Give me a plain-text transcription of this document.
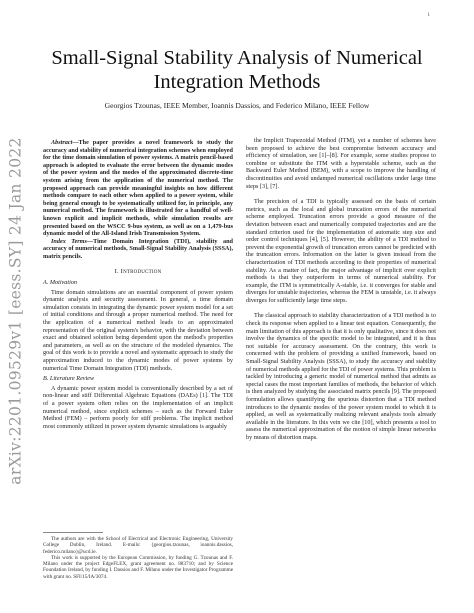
1
arXiv:2201.09529v1 [eess.SY] 24 Jan 2022
Small-Signal Stability Analysis of Numerical Integration Methods
Georgios Tzounas, IEEE Member, Ioannis Dassios, and Federico Milano, IEEE Fellow

Abstract—The paper provides a novel framework to study the accuracy and stability of numerical integration schemes when employed for the time domain simulation of power systems. A matrix pencil-based approach is adopted to evaluate the error between the dynamic modes of the power system and the modes of the approximated discrete-time system arising from the application of the numerical method. The proposed approach can provide meaningful insights on how different methods compare to each other when applied to a power system, while being general enough to be systematically utilized for, in principle, any numerical method. The framework is illustrated for a handful of well-known explicit and implicit methods, while simulation results are presented based on the WSCC 9-bus system, as well as on a 1,479-bus dynamic model of the All-Island Irish Transmission System.

Index Terms—Time Domain Integration (TDI), stability and accuracy of numerical methods, Small-Signal Stability Analysis (SSSA), matrix pencils.

I. Introduction
A. Motivation

Time domain simulations are an essential component of power system dynamic analysis and security assessment. In general, a time domain simulation consists in integrating the dynamic power system model for a set of initial conditions and through a proper numerical method. The need for the application of a numerical method leads to an approximated representation of the original system's behavior, with the deviation between exact and obtained solution being dependent upon the method's properties and parameters, as well as on the structure of the modeled dynamics. The goal of this work is to provide a novel and systematic approach to study the approximation induced to the dynamic modes of power systems by numerical Time Domain Integration (TDI) methods.

B. Literature Review

A dynamic power system model is conventionally described by a set of non-linear and stiff Differential Algebraic Equations (DAEs) [1]. The TDI of a power system often relies on the implementation of an implicit numerical method, since explicit schemes – such as the Forward Euler Method (FEM) – perform poorly for stiff problems. The implicit method most commonly utilized in power system dynamic simulations is arguably

The authors are with the School of Electrical and Electronic Engineering, University College Dublin, Ireland. E-mails: {georgios.tzounas, ioannis.dassios, federico.milano}@ucd.ie.

This work is supported by the European Commission, by funding G. Tzounas and F. Milano under the project EdgeFLEX, grant agreement no. 883710; and by Science Foundation Ireland, by funding I. Dassios and F. Milano under the Investigator Programme with grant no. SFI/15/IA/3074.

the Implicit Trapezoidal Method (ITM), yet a number of schemes have been proposed to achieve the best compromise between accuracy and efficiency of simulation, see [1]–[8]. For example, some studies propose to combine or substitute the ITM with a hyperstable scheme, such as the Backward Euler Method (BEM), with a scope to improve the handling of discontinuities and avoid undamped numerical oscillations under large time steps [3], [7].

The precision of a TDI is typically assessed on the basis of certain metrics, such as the local and global truncation errors of the numerical scheme employed. Truncation errors provide a good measure of the deviation between exact and numerically computed trajectories and are the standard criterion used for the implementation of automatic step size and order control techniques [4], [5]. However, the ability of a TDI method to prevent the exponential growth of truncation errors cannot be predicted with the truncation errors. Information on the latter is given instead from the characterization of TDI methods according to their properties of numerical stability. As a matter of fact, the major advantage of implicit over explicit methods is that they outperform in terms of numerical stability. For example, the ITM is symmetrically A-stable, i.e. it converges for stable and diverges for unstable trajectories, whereas the FEM is unstable, i.e. it always diverges for sufficiently large time steps.

The classical approach to stability characterization of a TDI method is to check its response when applied to a linear test equation. Consequently, the main limitation of this approach is that it is only qualitative, since it does not involve the dynamics of the specific model to be integrated, and it is thus not suitable for accuracy assessment. On the contrary, this work is concerned with the problem of providing a unified framework, based on Small-Signal Stability Analysis (SSSA), to study the accuracy and stability of numerical methods applied for the TDI of power systems. This problem is tackled by introducing a generic model of numerical method that admits as special cases the most important families of methods, the behavior of which is then analyzed by studying the associated matrix pencils [9]. The proposed formulation allows quantifying the spurious distortion that a TDI method introduces to the dynamic modes of the power system model to which it is applied, as well as systematically realizing relevant analysis tools already available in the literature. In this vein we cite [10], which presents a tool to assess the numerical approximation of the motion of simple linear networks by means of distortion maps.
